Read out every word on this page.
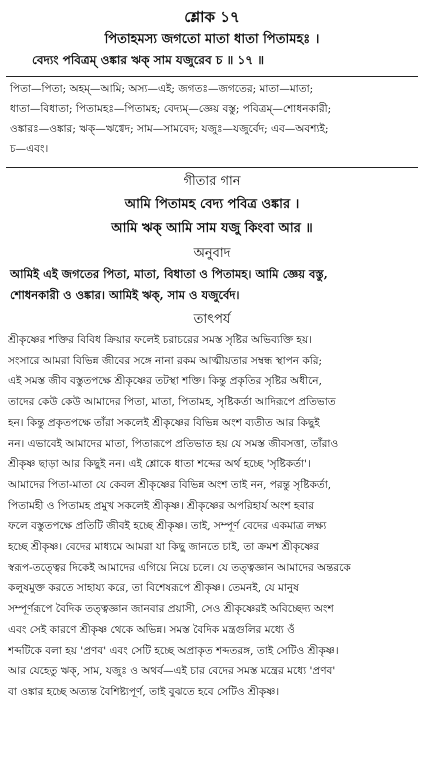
শ্লোক ১৭
পিতাহমস্য জগতো মাতা ধাতা পিতামহঃ ।
বেদ্যং পবিত্রম্ ওঙ্কার ঋক্ সাম যজুরেব চ ॥ ১৭ ॥
পিতা—পিতা; অহম্—আমি; অস্য—এই; জগতঃ—জগতের; মাতা—মাতা;
ধাতা—বিধাতা; পিতামহঃ—পিতামহ; বেদ্যম্—জ্ঞেয় বস্তু; পবিত্রম্—শোধনকারী;
ওঙ্কারঃ—ওঙ্কার; ঋক্—ঋগ্বেদ; সাম—সামবেদ; যজুঃ—যজুর্বেদ; এব—অবশ্যই;
চ—এবং।
গীতার গান
আমি পিতামহ বেদ্য পবিত্র ওঙ্কার ।
আমি ঋক্ আমি সাম যজু কিংবা আর ॥
অনুবাদ
আমিই এই জগতের পিতা, মাতা, বিধাতা ও পিতামহ। আমি জ্ঞেয় বস্তু,
শোধনকারী ও ওঙ্কার। আমিই ঋক্, সাম ও যজুর্বেদ।
তাৎপর্য
শ্রীকৃষ্ণের শক্তির বিবিধ ক্রিয়ার ফলেই চরাচরের সমস্ত সৃষ্টির অভিব্যক্তি হয়।
সংসারে আমরা বিভিন্ন জীবের সঙ্গে নানা রকম আত্মীয়তার সম্বন্ধ স্থাপন করি;
এই সমস্ত জীব বস্তুতপক্ষে শ্রীকৃষ্ণের তটস্থা শক্তি। কিন্তু প্রকৃতির সৃষ্টির অধীনে,
তাদের কেউ কেউ আমাদের পিতা, মাতা, পিতামহ, সৃষ্টিকর্তা আদিরূপে প্রতিভাত
হন। কিন্তু প্রকৃতপক্ষে তাঁরা সকলেই শ্রীকৃষ্ণের বিভিন্ন অংশ ব্যতীত আর কিছুই
নন। এভাবেই আমাদের মাতা, পিতারূপে প্রতিভাত হয় যে সমস্ত জীবসত্তা, তাঁরাও
শ্রীকৃষ্ণ ছাড়া আর কিছুই নন। এই শ্লোকে ধাতা শব্দের অর্থ হচ্ছে 'সৃষ্টিকর্তা'।
আমাদের পিতা-মাতা যে কেবল শ্রীকৃষ্ণের বিভিন্ন অংশ তাই নন, পরন্তু সৃষ্টিকর্তা,
পিতামহী ও পিতামহ প্রমুখ সকলেই শ্রীকৃষ্ণ। শ্রীকৃষ্ণের অপরিহার্য অংশ হবার
ফলে বস্তুতপক্ষে প্রতিটি জীবই হচ্ছে শ্রীকৃষ্ণ। তাই, সম্পূর্ণ বেদের একমাত্র লক্ষ্য
হচ্ছে শ্রীকৃষ্ণ। বেদের মাধ্যমে আমরা যা কিছু জানতে চাই, তা ক্রমশ শ্রীকৃষ্ণের
স্বরূপ-তত্ত্বের দিকেই আমাদের এগিয়ে নিয়ে চলে। যে তত্ত্বজ্ঞান আমাদের অন্তরকে
কলুষমুক্ত করতে সাহায্য করে, তা বিশেষরূপে শ্রীকৃষ্ণ। তেমনই, যে মানুষ
সম্পূর্ণরূপে বৈদিক তত্ত্বজ্ঞান জানবার প্রয়াসী, সেও শ্রীকৃষ্ণেরই অবিচ্ছেদ্য অংশ
এবং সেই কারণে শ্রীকৃষ্ণ থেকে অভিন্ন। সমস্ত বৈদিক মন্ত্রগুলির মধ্যে ওঁ
শব্দটিকে বলা হয় 'প্রণব' এবং সেটি হচ্ছে অপ্রাকৃত শব্দতরঙ্গ, তাই সেটিও শ্রীকৃষ্ণ।
আর যেহেতু ঋক্, সাম, যজুঃ ও অথর্ব—এই চার বেদের সমস্ত মন্ত্রের মধ্যে 'প্রণব'
বা ওঙ্কার হচ্ছে অত্যন্ত বৈশিষ্ট্যপূর্ণ, তাই বুঝতে হবে সেটিও শ্রীকৃষ্ণ।
